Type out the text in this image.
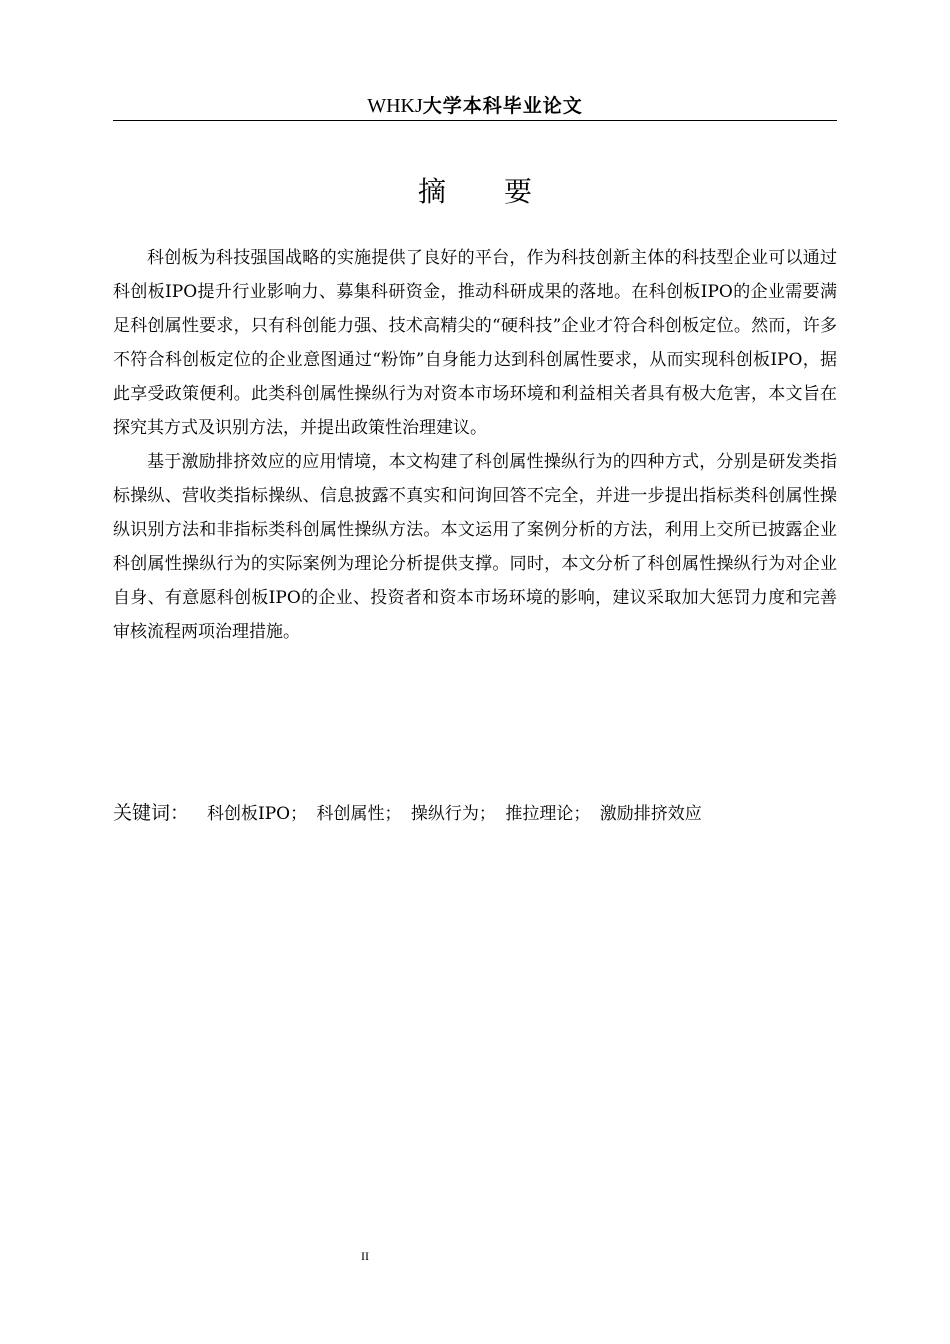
WHKJ大学本科毕业论文
摘要

科创板为科技强国战略的实施提供了良好的平台，作为科技创新主体的科技型企业可以通过科创板IPO提升行业影响力、募集科研资金，推动科研成果的落地。在科创板IPO的企业需要满足科创属性要求，只有科创能力强、技术高精尖的“硬科技”企业才符合科创板定位。然而，许多不符合科创板定位的企业意图通过“粉饰”自身能力达到科创属性要求，从而实现科创板IPO，据此享受政策便利。此类科创属性操纵行为对资本市场环境和利益相关者具有极大危害，本文旨在探究其方式及识别方法，并提出政策性治理建议。

基于激励排挤效应的应用情境，本文构建了科创属性操纵行为的四种方式，分别是研发类指标操纵、营收类指标操纵、信息披露不真实和问询回答不完全，并进一步提出指标类科创属性操纵识别方法和非指标类科创属性操纵方法。本文运用了案例分析的方法，利用上交所已披露企业科创属性操纵行为的实际案例为理论分析提供支撑。同时，本文分析了科创属性操纵行为对企业自身、有意愿科创板IPO的企业、投资者和资本市场环境的影响，建议采取加大惩罚力度和完善审核流程两项治理措施。

关键词： 科创板IPO； 科创属性； 操纵行为； 推拉理论； 激励排挤效应
II
